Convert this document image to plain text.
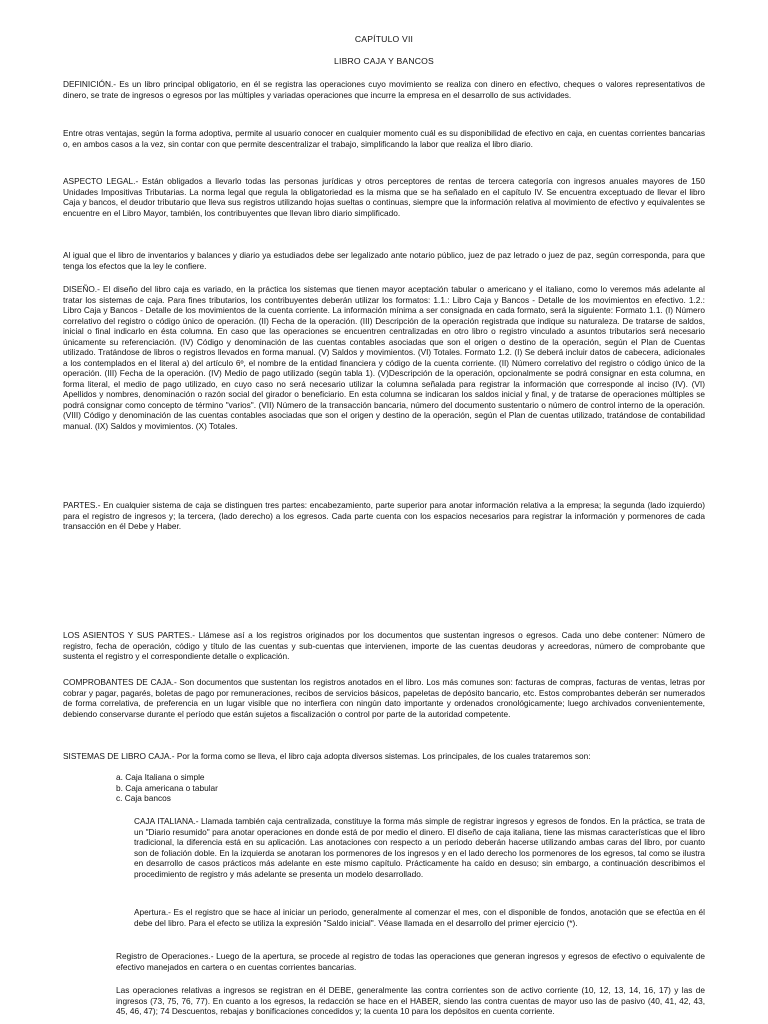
CAPÍTULO VII
LIBRO CAJA Y BANCOS

DEFINICIÓN.- Es un libro principal obligatorio, en él se registra las operaciones cuyo movimiento se realiza con dinero en efectivo, cheques o valores representativos de dinero, se trate de ingresos o egresos por las múltiples y variadas operaciones que incurre la empresa en el desarrollo de sus actividades.

Entre otras ventajas, según la forma adoptiva, permite al usuario conocer en cualquier momento cuál es su disponibilidad de efectivo en caja, en cuentas corrientes bancarias o, en ambos casos a la vez, sin contar con que permite descentralizar el trabajo, simplificando la labor que realiza el libro diario.

ASPECTO LEGAL.- Están obligados a llevarlo todas las personas jurídicas y otros perceptores de rentas de tercera categoría con ingresos anuales mayores de 150 Unidades Impositivas Tributarias. La norma legal que regula la obligatoriedad es la misma que se ha señalado en el capítulo IV. Se encuentra exceptuado de llevar el libro Caja y bancos, el deudor tributario que lleva sus registros utilizando hojas sueltas o continuas, siempre que la información relativa al movimiento de efectivo y equivalentes se encuentre en el Libro Mayor, también, los contribuyentes que llevan libro diario simplificado.

Al igual que el libro de inventarios y balances y diario ya estudiados debe ser legalizado ante notario público, juez de paz letrado o juez de paz, según corresponda, para que tenga los efectos que la ley le confiere.

DISEÑO.- El diseño del libro caja es variado, en la práctica los sistemas que tienen mayor aceptación tabular o americano y el italiano, como lo veremos más adelante al tratar los sistemas de caja. Para fines tributarios, los contribuyentes deberán utilizar los formatos: 1.1.: Libro Caja y Bancos - Detalle de los movimientos en efectivo. 1.2.: Libro Caja y Bancos - Detalle de los movimientos de la cuenta corriente. La información mínima a ser consignada en cada formato, será la siguiente: Formato 1.1. (I) Número correlativo del registro o código único de operación. (II) Fecha de la operación. (III) Descripción de la operación registrada que indique su naturaleza. De tratarse de saldos, inicial o final indicarlo en ésta columna. En caso que las operaciones se encuentren centralizadas en otro libro o registro vinculado a asuntos tributarios será necesario únicamente su referenciación. (IV) Código y denominación de las cuentas contables asociadas que son el origen o destino de la operación, según el Plan de Cuentas utilizado. Tratándose de libros o registros llevados en forma manual. (V) Saldos y movimientos. (VI) Totales. Formato 1.2. (I) Se deberá incluir datos de cabecera, adicionales a los contemplados en el literal a) del artículo 6º, el nombre de la entidad financiera y código de la cuenta corriente. (II) Número correlativo del registro o código único de la operación. (III) Fecha de la operación. (IV) Medio de pago utilizado (según tabla 1). (V)Descripción de la operación, opcionalmente se podrá consignar en esta columna, en forma literal, el medio de pago utilizado, en cuyo caso no será necesario utilizar la columna señalada para registrar la información que corresponde al inciso (IV). (VI) Apellidos y nombres, denominación o razón social del girador o beneficiario. En esta columna se indicaran los saldos inicial y final, y de tratarse de operaciones múltiples se podrá consignar como concepto de término "varios". (VII) Número de la transacción bancaria, número del documento sustentario o número de control interno de la operación. (VIII) Código y denominación de las cuentas contables asociadas que son el origen y destino de la operación, según el Plan de cuentas utilizado, tratándose de contabilidad manual. (IX) Saldos y movimientos. (X) Totales.

PARTES.- En cualquier sistema de caja se distinguen tres partes: encabezamiento, parte superior para anotar información relativa a la empresa; la segunda (lado izquierdo) para el registro de ingresos y; la tercera, (lado derecho) a los egresos. Cada parte cuenta con los espacios necesarios para registrar la información y pormenores de cada transacción en él Debe y Haber.

LOS ASIENTOS Y SUS PARTES.- Llámese así a los registros originados por los documentos que sustentan ingresos o egresos. Cada uno debe contener: Número de registro, fecha de operación, código y título de las cuentas y sub-cuentas que intervienen, importe de las cuentas deudoras y acreedoras, número de comprobante que sustenta el registro y el correspondiente detalle o explicación.

COMPROBANTES DE CAJA.- Son documentos que sustentan los registros anotados en el libro. Los más comunes son: facturas de compras, facturas de ventas, letras por cobrar y pagar, pagarés, boletas de pago por remuneraciones, recibos de servicios básicos, papeletas de depósito bancario, etc. Estos comprobantes deberán ser numerados de forma correlativa, de preferencia en un lugar visible que no interfiera con ningún dato importante y ordenados cronológicamente; luego archivados convenientemente, debiendo conservarse durante el período que están sujetos a fiscalización o control por parte de la autoridad competente.

SISTEMAS DE LIBRO CAJA.- Por la forma como se lleva, el libro caja adopta diversos sistemas. Los principales, de los cuales trataremos son:

a. Caja Italiana o simple
b. Caja americana o tabular
c. Caja bancos

CAJA ITALIANA.- Llamada también caja centralizada, constituye la forma más simple de registrar ingresos y egresos de fondos. En la práctica, se trata de un "Diario resumido" para anotar operaciones en donde está de por medio el dinero. El diseño de caja italiana, tiene las mismas características que el libro tradicional, la diferencia está en su aplicación. Las anotaciones con respecto a un periodo deberán hacerse utilizando ambas caras del libro, por cuanto son de foliación doble. En la izquierda se anotaran los pormenores de los ingresos y en el lado derecho los pormenores de los egresos, tal como se ilustra en desarrollo de casos prácticos más adelante en este mismo capítulo. Prácticamente ha caído en desuso; sin embargo, a continuación describimos el procedimiento de registro y más adelante se presenta un modelo desarrollado.

Apertura.- Es el registro que se hace al iniciar un periodo, generalmente al comenzar el mes, con el disponible de fondos, anotación que se efectúa en él debe del libro. Para el efecto se utiliza la expresión "Saldo inicial". Véase llamada en el desarrollo del primer ejercicio (*).

Registro de Operaciones.- Luego de la apertura, se procede al registro de todas las operaciones que generan ingresos y egresos de efectivo o equivalente de efectivo manejados en cartera o en cuentas corrientes bancarias.

Las operaciones relativas a ingresos se registran en él DEBE, generalmente las contra corrientes son de activo corriente (10, 12, 13, 14, 16, 17) y las de ingresos (73, 75, 76, 77). En cuanto a los egresos, la redacción se hace en el HABER, siendo las contra cuentas de mayor uso las de pasivo (40, 41, 42, 43, 45, 46, 47); 74 Descuentos, rebajas y bonificaciones concedidos y; la cuenta 10 para los depósitos en cuenta corriente.
